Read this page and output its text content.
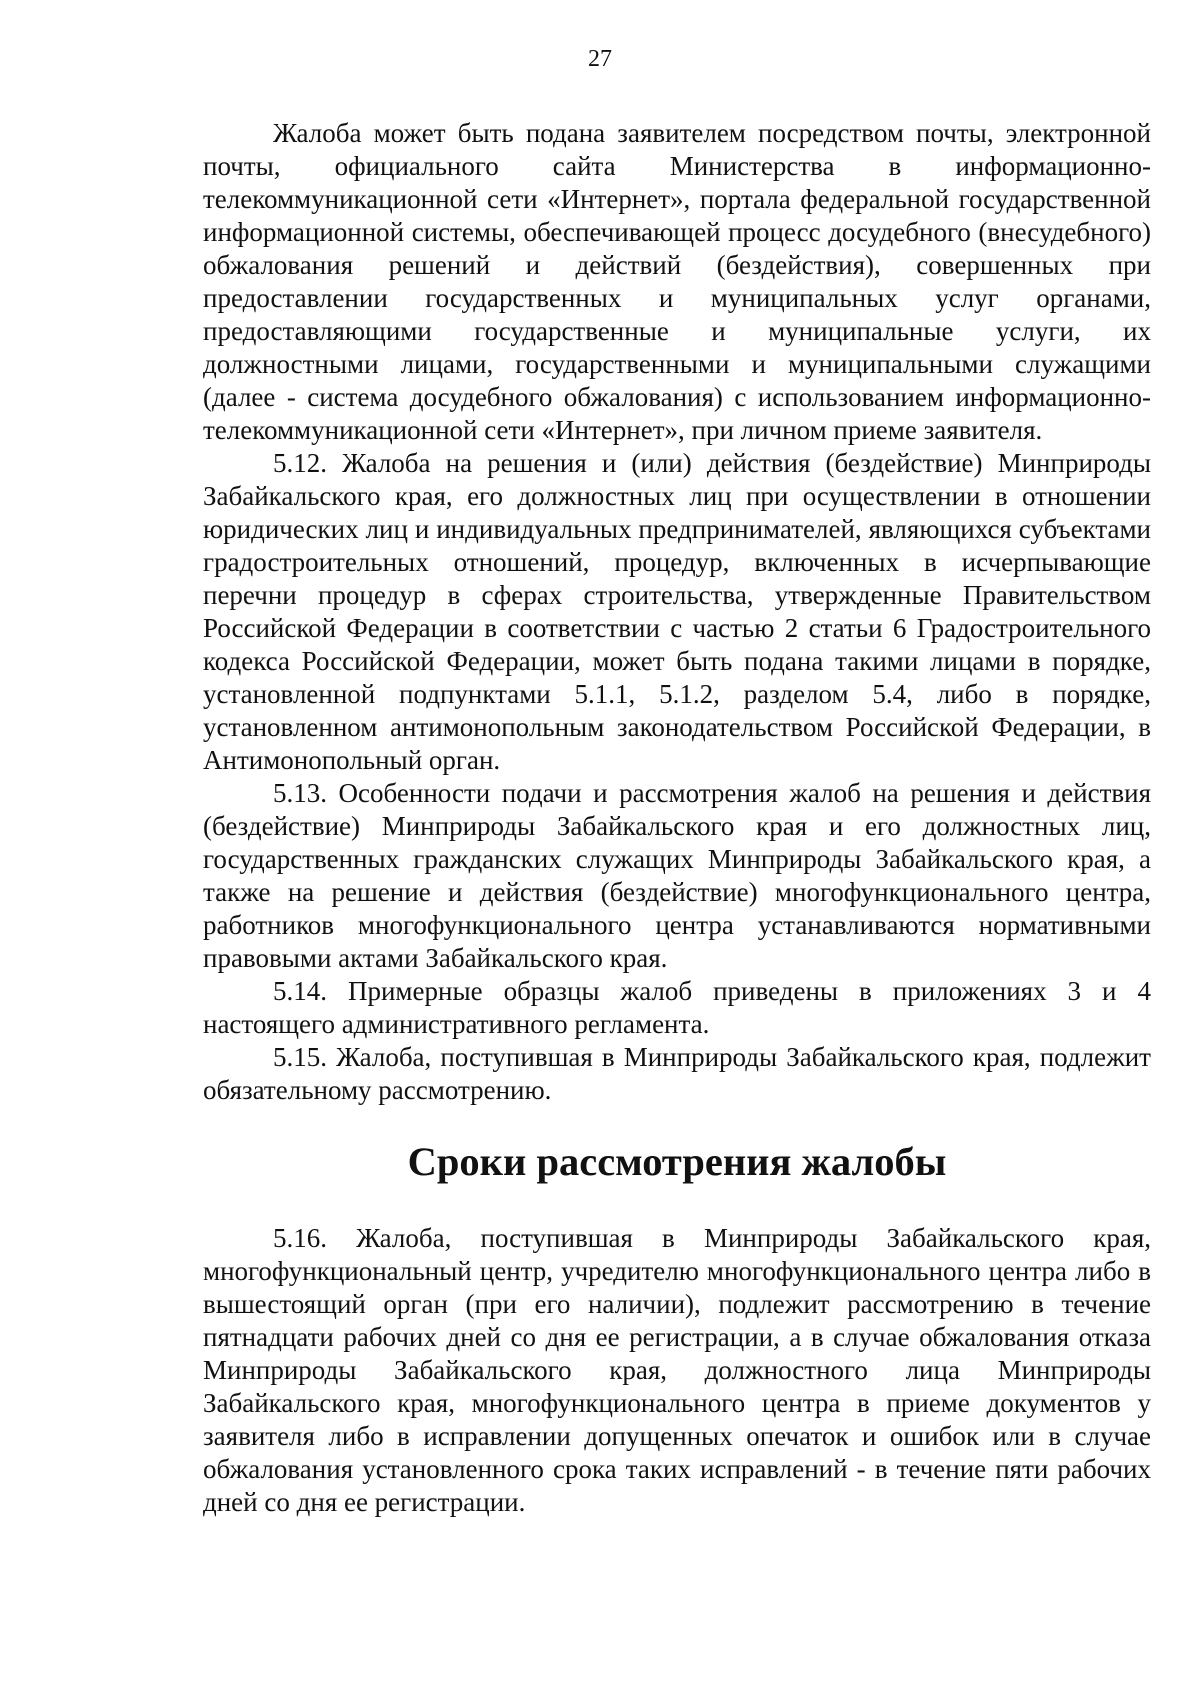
27

Жалоба может быть подана заявителем посредством почты, электронной почты, официального сайта Министерства в информационно-телекоммуникационной сети «Интернет», портала федеральной государственной информационной системы, обеспечивающей процесс досудебного (внесудебного) обжалования решений и действий (бездействия), совершенных при предоставлении государственных и муниципальных услуг органами, предоставляющими государственные и муниципальные услуги, их должностными лицами, государственными и муниципальными служащими (далее - система досудебного обжалования) с использованием информационно-телекоммуникационной сети «Интернет», при личном приеме заявителя.

5.12. Жалоба на решения и (или) действия (бездействие) Минприроды Забайкальского края, его должностных лиц при осуществлении в отношении юридических лиц и индивидуальных предпринимателей, являющихся субъектами градостроительных отношений, процедур, включенных в исчерпывающие перечни процедур в сферах строительства, утвержденные Правительством Российской Федерации в соответствии с частью 2 статьи 6 Градостроительного кодекса Российской Федерации, может быть подана такими лицами в порядке, установленной подпунктами 5.1.1, 5.1.2, разделом 5.4, либо в порядке, установленном антимонопольным законодательством Российской Федерации, в Антимонопольный орган.

5.13. Особенности подачи и рассмотрения жалоб на решения и действия (бездействие) Минприроды Забайкальского края и его должностных лиц, государственных гражданских служащих Минприроды Забайкальского края, а также на решение и действия (бездействие) многофункционального центра, работников многофункционального центра устанавливаются нормативными правовыми актами Забайкальского края.

5.14. Примерные образцы жалоб приведены в приложениях 3 и 4 настоящего административного регламента.

5.15. Жалоба, поступившая в Минприроды Забайкальского края, подлежит обязательному рассмотрению.

Сроки рассмотрения жалобы

5.16. Жалоба, поступившая в Минприроды Забайкальского края, многофункциональный центр, учредителю многофункционального центра либо в вышестоящий орган (при его наличии), подлежит рассмотрению в течение пятнадцати рабочих дней со дня ее регистрации, а в случае обжалования отказа Минприроды Забайкальского края, должностного лица Минприроды Забайкальского края, многофункционального центра в приеме документов у заявителя либо в исправлении допущенных опечаток и ошибок или в случае обжалования установленного срока таких исправлений - в течение пяти рабочих дней со дня ее регистрации.
